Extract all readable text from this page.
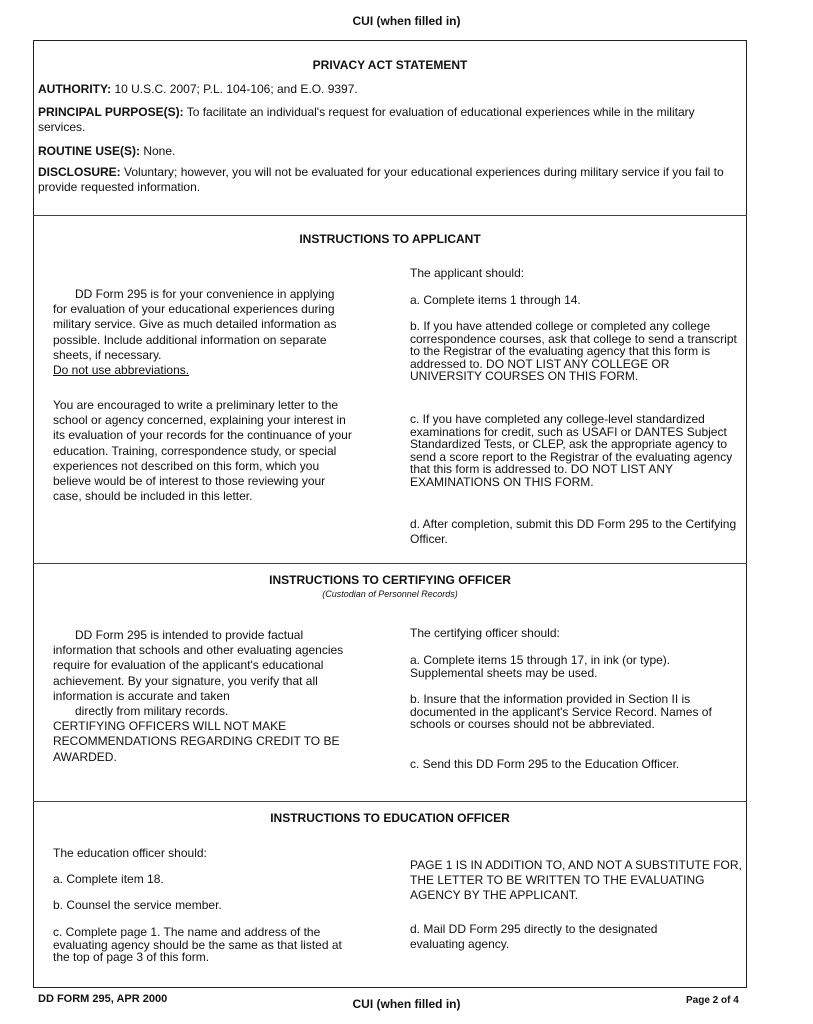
CUI (when filled in)
PRIVACY ACT STATEMENT
AUTHORITY: 10 U.S.C. 2007; P.L. 104-106; and E.O. 9397.
PRINCIPAL PURPOSE(S): To facilitate an individual's request for evaluation of educational experiences while in the military services.
ROUTINE USE(S): None.
DISCLOSURE: Voluntary; however, you will not be evaluated for your educational experiences during military service if you fail to provide requested information.
INSTRUCTIONS TO APPLICANT
DD Form 295 is for your convenience in applying for evaluation of your educational experiences during military service. Give as much detailed information as possible. Include additional information on separate sheets, if necessary.
Do not use abbreviations.
You are encouraged to write a preliminary letter to the school or agency concerned, explaining your interest in its evaluation of your records for the continuance of your education. Training, correspondence study, or special experiences not described on this form, which you believe would be of interest to those reviewing your case, should be included in this letter.
The applicant should:
a. Complete items 1 through 14.
b. If you have attended college or completed any college correspondence courses, ask that college to send a transcript to the Registrar of the evaluating agency that this form is addressed to. DO NOT LIST ANY COLLEGE OR UNIVERSITY COURSES ON THIS FORM.
c. If you have completed any college-level standardized examinations for credit, such as USAFI or DANTES Subject Standardized Tests, or CLEP, ask the appropriate agency to send a score report to the Registrar of the evaluating agency that this form is addressed to. DO NOT LIST ANY EXAMINATIONS ON THIS FORM.
d. After completion, submit this DD Form 295 to the Certifying Officer.
INSTRUCTIONS TO CERTIFYING OFFICER
(Custodian of Personnel Records)
DD Form 295 is intended to provide factual information that schools and other evaluating agencies require for evaluation of the applicant's educational achievement. By your signature, you verify that all information is accurate and taken
directly from military records.
CERTIFYING OFFICERS WILL NOT MAKE RECOMMENDATIONS REGARDING CREDIT TO BE AWARDED.
The certifying officer should:
a. Complete items 15 through 17, in ink (or type). Supplemental sheets may be used.
b. Insure that the information provided in Section II is documented in the applicant's Service Record. Names of schools or courses should not be abbreviated.
c. Send this DD Form 295 to the Education Officer.
INSTRUCTIONS TO EDUCATION OFFICER
The education officer should:
a. Complete item 18.
b. Counsel the service member.
c. Complete page 1. The name and address of the evaluating agency should be the same as that listed at the top of page 3 of this form.
PAGE 1 IS IN ADDITION TO, AND NOT A SUBSTITUTE FOR, THE LETTER TO BE WRITTEN TO THE EVALUATING AGENCY BY THE APPLICANT.
d. Mail DD Form 295 directly to the designated evaluating agency.
DD FORM 295, APR 2000	CUI (when filled in)	Page 2 of 4
